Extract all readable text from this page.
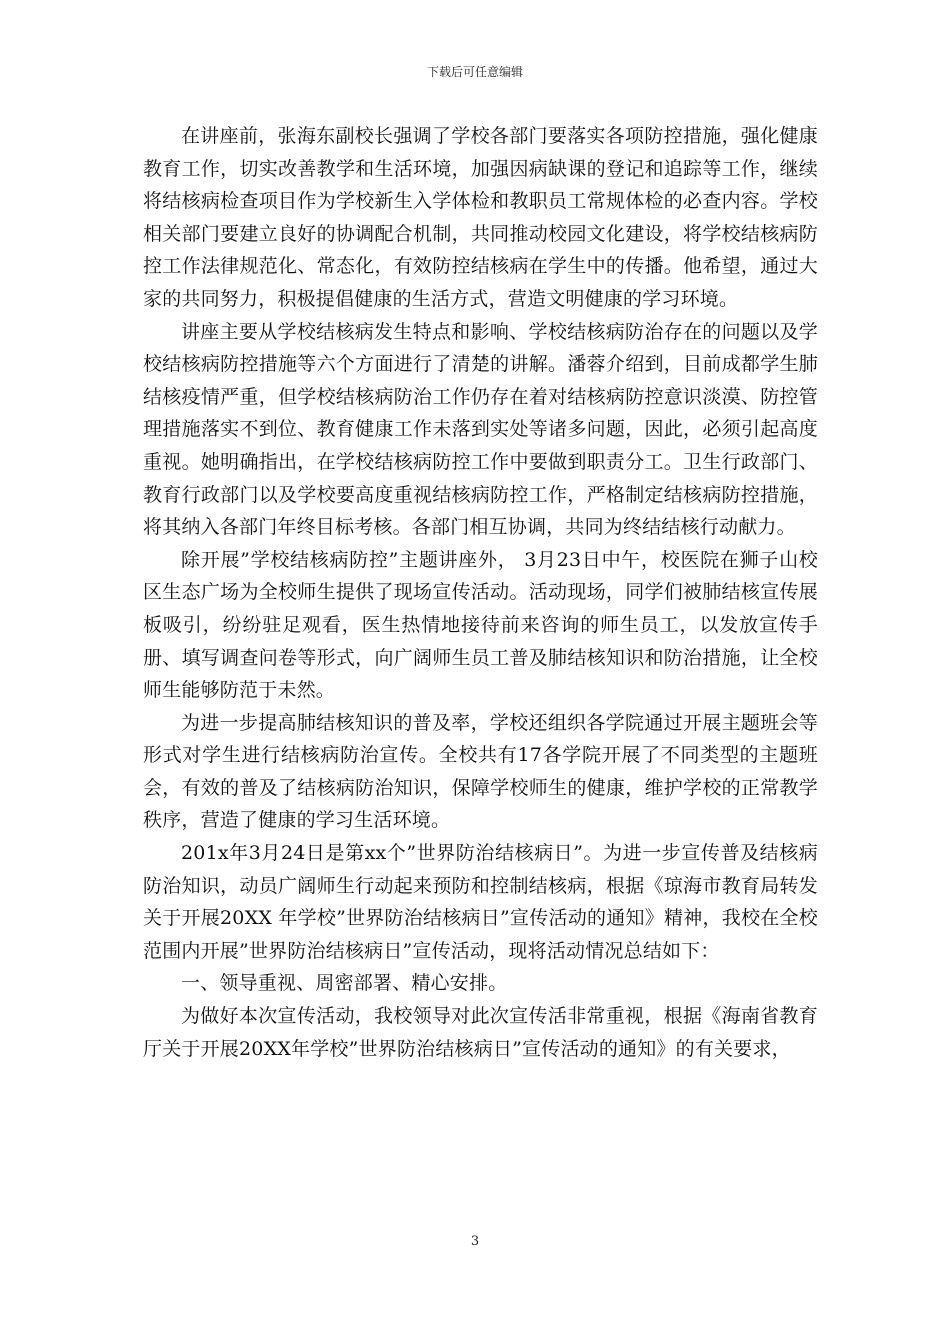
下载后可任意编辑

在讲座前，张海东副校长强调了学校各部门要落实各项防控措施，强化健康教育工作，切实改善教学和生活环境，加强因病缺课的登记和追踪等工作，继续将结核病检查项目作为学校新生入学体检和教职员工常规体检的必查内容。学校相关部门要建立良好的协调配合机制，共同推动校园文化建设，将学校结核病防控工作法律规范化、常态化，有效防控结核病在学生中的传播。他希望，通过大家的共同努力，积极提倡健康的生活方式，营造文明健康的学习环境。

讲座主要从学校结核病发生特点和影响、学校结核病防治存在的问题以及学校结核病防控措施等六个方面进行了清楚的讲解。潘蓉介绍到，目前成都学生肺结核疫情严重，但学校结核病防治工作仍存在着对结核病防控意识淡漠、防控管理措施落实不到位、教育健康工作未落到实处等诸多问题，因此，必须引起高度重视。她明确指出，在学校结核病防控工作中要做到职责分工。卫生行政部门、教育行政部门以及学校要高度重视结核病防控工作，严格制定结核病防控措施，将其纳入各部门年终目标考核。各部门相互协调，共同为终结结核行动献力。

除开展”学校结核病防控”主题讲座外， 3月23日中午，校医院在狮子山校区生态广场为全校师生提供了现场宣传活动。活动现场，同学们被肺结核宣传展板吸引，纷纷驻足观看，医生热情地接待前来咨询的师生员工，以发放宣传手册、填写调查问卷等形式，向广阔师生员工普及肺结核知识和防治措施，让全校师生能够防范于未然。

为进一步提高肺结核知识的普及率，学校还组织各学院通过开展主题班会等形式对学生进行结核病防治宣传。全校共有17各学院开展了不同类型的主题班会，有效的普及了结核病防治知识，保障学校师生的健康，维护学校的正常教学秩序，营造了健康的学习生活环境。

201x年3月24日是第xx个”世界防治结核病日”。为进一步宣传普及结核病防治知识，动员广阔师生行动起来预防和控制结核病，根据《琼海市教育局转发关于开展20XX 年学校”世界防治结核病日”宣传活动的通知》精神，我校在全校范围内开展”世界防治结核病日”宣传活动，现将活动情况总结如下：

一、领导重视、周密部署、精心安排。

为做好本次宣传活动，我校领导对此次宣传活非常重视，根据《海南省教育厅关于开展20XX年学校”世界防治结核病日”宣传活动的通知》的有关要求，

3
